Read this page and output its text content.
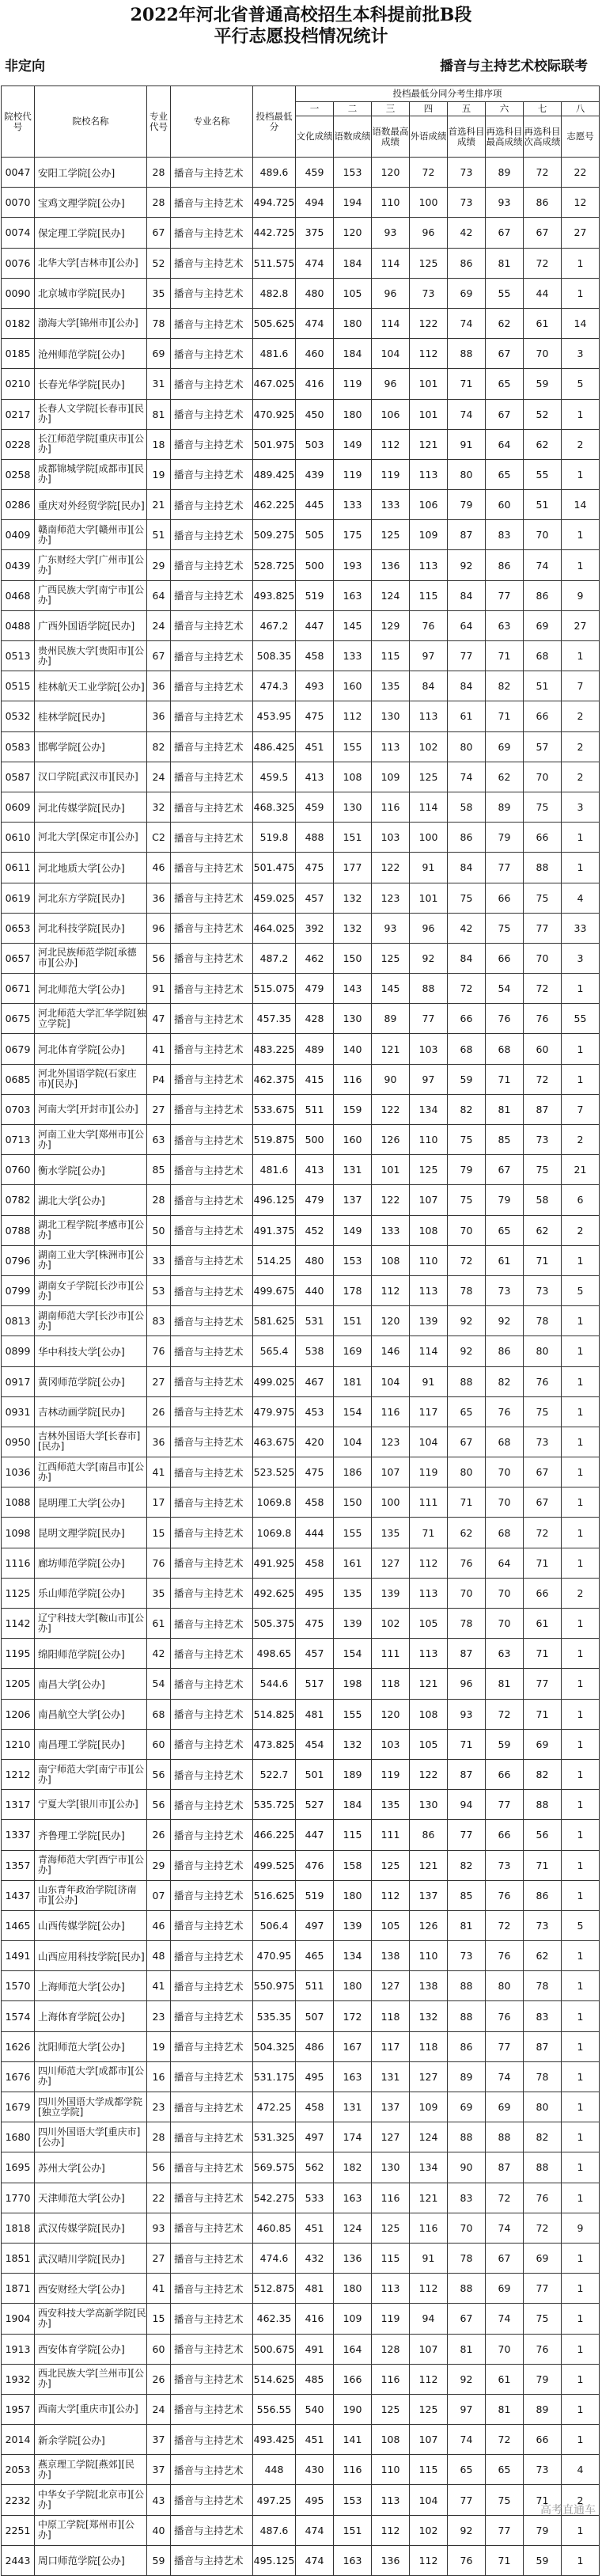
2022年河北省普通高校招生本科提前批B段
平行志愿投档情况统计
非定向	播音与主持艺术校际联考
院校代号	院校名称	专业代号	专业名称	投档最低分	投档最低分同分考生排序项							
					一	二	三	四	五	六	七	八
					文化成绩	语数成绩	语数最高成绩	外语成绩	首选科目成绩	再选科目最高成绩	再选科目次高成绩	志愿号
0047	安阳工学院[公办]	28	播音与主持艺术	489.6	459	153	120	72	73	89	72	22
0070	宝鸡文理学院[公办]	28	播音与主持艺术	494.725	494	194	110	100	73	93	86	12
0074	保定理工学院[民办]	67	播音与主持艺术	442.725	375	120	93	96	42	67	67	27
0076	北华大学[吉林市][公办]	52	播音与主持艺术	511.575	474	184	114	125	86	81	72	1
0090	北京城市学院[民办]	35	播音与主持艺术	482.8	480	105	96	73	69	55	44	1
0182	渤海大学[锦州市][公办]	78	播音与主持艺术	505.625	474	180	114	122	74	62	61	14
0185	沧州师范学院[公办]	69	播音与主持艺术	481.6	460	184	104	112	88	67	70	3
0210	长春光华学院[民办]	31	播音与主持艺术	467.025	416	119	96	101	71	65	59	5
0217	长春人文学院[长春市][民办]	81	播音与主持艺术	470.925	450	180	106	101	74	67	52	1
0228	长江师范学院[重庆市][公办]	18	播音与主持艺术	501.975	503	149	112	121	91	64	62	2
0258	成都锦城学院[成都市][民办]	19	播音与主持艺术	489.425	439	119	119	113	80	65	55	1
0286	重庆对外经贸学院[民办]	21	播音与主持艺术	462.225	445	133	133	106	79	60	51	14
0409	赣南师范大学[赣州市][公办]	51	播音与主持艺术	509.275	505	175	125	109	87	83	70	1
0439	广东财经大学[广州市][公办]	29	播音与主持艺术	528.725	500	193	136	113	92	86	74	1
0468	广西民族大学[南宁市][公办]	64	播音与主持艺术	493.825	519	163	124	115	84	77	86	9
0488	广西外国语学院[民办]	24	播音与主持艺术	467.2	447	145	129	76	64	63	69	27
0513	贵州民族大学[贵阳市][公办]	67	播音与主持艺术	508.35	458	133	115	97	77	71	68	1
0515	桂林航天工业学院[公办]	36	播音与主持艺术	474.3	493	160	135	84	84	82	51	7
0532	桂林学院[民办]	36	播音与主持艺术	453.95	475	112	130	113	61	71	66	2
0583	邯郸学院[公办]	82	播音与主持艺术	486.425	451	155	113	102	80	69	57	2
0587	汉口学院[武汉市][民办]	24	播音与主持艺术	459.5	413	108	109	125	74	62	70	2
0609	河北传媒学院[民办]	32	播音与主持艺术	468.325	459	130	116	114	58	89	75	3
0610	河北大学[保定市][公办]	C2	播音与主持艺术	519.8	488	151	103	100	86	79	66	1
0611	河北地质大学[公办]	46	播音与主持艺术	501.475	475	177	122	91	84	77	88	1
0619	河北东方学院[民办]	36	播音与主持艺术	459.025	457	132	123	101	75	66	75	4
0653	河北科技学院[民办]	96	播音与主持艺术	464.025	392	132	93	96	42	75	77	33
0657	河北民族师范学院[承德市][公办]	56	播音与主持艺术	487.2	462	150	125	92	84	66	70	3
0671	河北师范大学[公办]	91	播音与主持艺术	515.075	479	143	145	88	72	54	72	1
0675	河北师范大学汇华学院[独立学院]	47	播音与主持艺术	457.35	428	130	89	77	66	76	76	55
0679	河北体育学院[公办]	41	播音与主持艺术	483.225	489	140	121	103	68	68	60	1
0685	河北外国语学院(石家庄市)[民办]	P4	播音与主持艺术	462.375	415	116	90	97	59	71	72	1
0703	河南大学[开封市][公办]	27	播音与主持艺术	533.675	511	159	122	134	82	81	87	7
0713	河南工业大学[郑州市][公办]	63	播音与主持艺术	519.875	500	160	126	110	75	85	73	2
0760	衡水学院[公办]	85	播音与主持艺术	481.6	413	131	101	125	79	67	75	21
0782	湖北大学[公办]	28	播音与主持艺术	496.125	479	137	122	107	75	79	58	6
0788	湖北工程学院[孝感市][公办]	50	播音与主持艺术	491.375	452	149	133	108	70	65	62	2
0796	湖南工业大学[株洲市][公办]	33	播音与主持艺术	514.25	480	153	108	110	72	61	71	1
0799	湖南女子学院[长沙市][公办]	53	播音与主持艺术	499.675	440	178	112	113	78	73	73	5
0813	湖南师范大学[长沙市][公办]	83	播音与主持艺术	581.625	531	151	120	139	92	92	78	1
0899	华中科技大学[公办]	76	播音与主持艺术	565.4	538	169	146	114	92	86	80	1
0917	黄冈师范学院[公办]	27	播音与主持艺术	499.025	467	181	104	91	88	82	76	1
0931	吉林动画学院[民办]	26	播音与主持艺术	479.975	453	154	116	117	65	76	75	1
0950	吉林外国语大学[长春市][民办]	36	播音与主持艺术	463.675	420	104	123	104	67	68	73	1
1036	江西师范大学[南昌市][公办]	41	播音与主持艺术	523.525	475	186	107	119	80	70	67	1
1088	昆明理工大学[公办]	17	播音与主持艺术	1069.8	458	150	100	111	71	70	67	1
1098	昆明文理学院[民办]	15	播音与主持艺术	1069.8	444	155	135	71	62	68	72	1
1116	廊坊师范学院[公办]	76	播音与主持艺术	491.925	458	161	127	112	76	64	71	1
1125	乐山师范学院[公办]	35	播音与主持艺术	492.625	495	135	139	113	70	70	66	2
1142	辽宁科技大学[鞍山市][公办]	61	播音与主持艺术	505.375	475	139	102	105	78	70	61	1
1195	绵阳师范学院[公办]	42	播音与主持艺术	498.65	457	154	111	113	87	63	71	1
1205	南昌大学[公办]	54	播音与主持艺术	544.6	517	198	118	121	96	81	77	1
1206	南昌航空大学[公办]	68	播音与主持艺术	514.825	481	155	120	108	93	72	71	1
1210	南昌理工学院[民办]	60	播音与主持艺术	473.825	454	132	103	105	71	59	69	1
1212	南宁师范大学[南宁市][公办]	56	播音与主持艺术	522.7	501	189	119	122	87	66	82	1
1317	宁夏大学[银川市][公办]	56	播音与主持艺术	535.725	527	184	135	130	94	77	88	1
1337	齐鲁理工学院[民办]	26	播音与主持艺术	466.225	447	115	111	86	77	66	56	1
1357	青海师范大学[西宁市][公办]	29	播音与主持艺术	499.525	476	158	125	121	82	73	71	1
1437	山东青年政治学院[济南市][公办]	07	播音与主持艺术	516.625	519	180	112	137	85	76	86	1
1465	山西传媒学院[公办]	46	播音与主持艺术	506.4	497	139	105	126	81	72	73	5
1491	山西应用科技学院[民办]	48	播音与主持艺术	470.95	465	134	138	110	73	76	62	1
1570	上海师范大学[公办]	41	播音与主持艺术	550.975	511	180	127	138	88	80	78	1
1574	上海体育学院[公办]	23	播音与主持艺术	535.35	507	172	118	132	88	76	83	1
1626	沈阳师范大学[公办]	19	播音与主持艺术	504.325	486	167	117	118	86	77	87	1
1676	四川师范大学[成都市][公办]	16	播音与主持艺术	531.175	495	163	131	127	89	74	78	1
1679	四川外国语大学成都学院[独立学院]	23	播音与主持艺术	472.25	458	131	137	109	69	69	80	1
1680	四川外国语大学[重庆市][公办]	28	播音与主持艺术	531.325	497	174	127	124	88	88	82	1
1695	苏州大学[公办]	56	播音与主持艺术	569.575	562	182	130	134	90	87	88	1
1770	天津师范大学[公办]	22	播音与主持艺术	542.275	533	163	116	121	83	72	76	1
1818	武汉传媒学院[民办]	93	播音与主持艺术	460.85	451	124	125	116	70	74	72	9
1851	武汉晴川学院[民办]	27	播音与主持艺术	474.6	432	136	115	91	78	67	69	1
1871	西安财经大学[公办]	41	播音与主持艺术	512.875	481	180	113	112	88	69	77	1
1904	西安科技大学高新学院[民办]	15	播音与主持艺术	462.35	416	109	119	94	67	74	75	1
1913	西安体育学院[公办]	60	播音与主持艺术	500.675	491	164	128	107	81	70	76	1
1932	西北民族大学[兰州市][公办]	26	播音与主持艺术	514.625	485	166	116	112	92	61	79	1
1957	西南大学[重庆市][公办]	24	播音与主持艺术	556.55	540	190	125	125	97	81	89	1
2014	新余学院[公办]	37	播音与主持艺术	493.425	451	141	108	107	74	72	66	1
2053	燕京理工学院[燕郊][民办]	37	播音与主持艺术	448	430	116	110	115	65	65	73	4
2232	中华女子学院[北京市][公办]	43	播音与主持艺术	497.25	495	153	113	104	77	75	71	2
2251	中原工学院[郑州市][公办]	40	播音与主持艺术	487.6	474	151	112	102	92	77	79	1
2443	周口师范学院[公办]	59	播音与主持艺术	495.125	474	163	136	112	76	71	59	1
高考直通车
